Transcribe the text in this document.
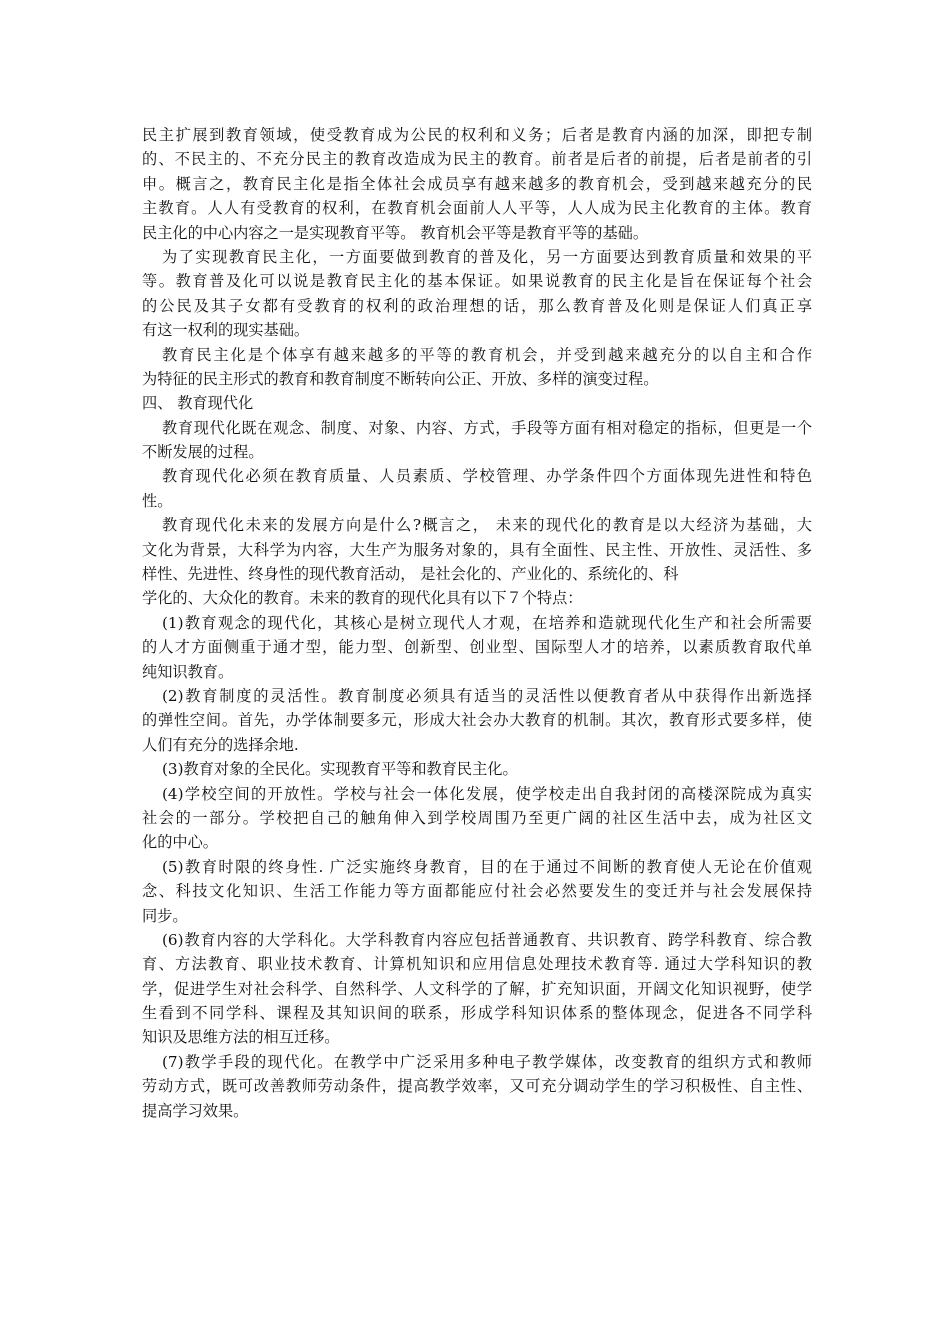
民主扩展到教育领域，使受教育成为公民的权利和义务；后者是教育内涵的加深，即把专制
的、不民主的、不充分民主的教育改造成为民主的教育。前者是后者的前提，后者是前者的引
申。概言之，教育民主化是指全体社会成员享有越来越多的教育机会，受到越来越充分的民
主教育。人人有受教育的权利，在教育机会面前人人平等，人人成为民主化教育的主体。教育
民主化的中心内容之一是实现教育平等。 教育机会平等是教育平等的基础。
为了实现教育民主化，一方面要做到教育的普及化，另一方面要达到教育质量和效果的平
等。教育普及化可以说是教育民主化的基本保证。如果说教育的民主化是旨在保证每个社会
的公民及其子女都有受教育的权利的政治理想的话，那么教育普及化则是保证人们真正享
有这一权利的现实基础。
教育民主化是个体享有越来越多的平等的教育机会，并受到越来越充分的以自主和合作
为特征的民主形式的教育和教育制度不断转向公正、开放、多样的演变过程。
四、 教育现代化
教育现代化既在观念、制度、对象、内容、方式，手段等方面有相对稳定的指标，但更是一个
不断发展的过程。
教育现代化必须在教育质量、人员素质、学校管理、办学条件四个方面体现先进性和特色
性。
教育现代化未来的发展方向是什么?概言之， 未来的现代化的教育是以大经济为基础，大
文化为背景，大科学为内容，大生产为服务对象的，具有全面性、民主性、开放性、灵活性、多
样性、先进性、终身性的现代教育活动， 是社会化的、产业化的、系统化的、科
学化的、大众化的教育。未来的教育的现代化具有以下７个特点：
(1)教育观念的现代化，其核心是树立现代人才观，在培养和造就现代化生产和社会所需要
的人才方面侧重于通才型，能力型、创新型、创业型、国际型人才的培养，以素质教育取代单
纯知识教育。
(2)教育制度的灵活性。教育制度必须具有适当的灵活性以便教育者从中获得作出新选择
的弹性空间。首先，办学体制要多元，形成大社会办大教育的机制。其次，教育形式要多样，使
人们有充分的选择余地.
(3)教育对象的全民化。实现教育平等和教育民主化。
(4)学校空间的开放性。学校与社会一体化发展，使学校走出自我封闭的高楼深院成为真实
社会的一部分。学校把自己的触角伸入到学校周围乃至更广阔的社区生活中去，成为社区文
化的中心。
(5)教育时限的终身性. 广泛实施终身教育，目的在于通过不间断的教育使人无论在价值观
念、科技文化知识、生活工作能力等方面都能应付社会必然要发生的变迁并与社会发展保持
同步。
(6)教育内容的大学科化。大学科教育内容应包括普通教育、共识教育、跨学科教育、综合教
育、方法教育、职业技术教育、计算机知识和应用信息处理技术教育等. 通过大学科知识的教
学，促进学生对社会科学、自然科学、人文科学的了解，扩充知识面，开阔文化知识视野，使学
生看到不同学科、课程及其知识间的联系，形成学科知识体系的整体现念，促进各不同学科
知识及思维方法的相互迁移。
(7)教学手段的现代化。在教学中广泛采用多种电子教学媒体，改变教育的组织方式和教师
劳动方式，既可改善教师劳动条件，提高教学效率，又可充分调动学生的学习积极性、自主性、
提高学习效果。
